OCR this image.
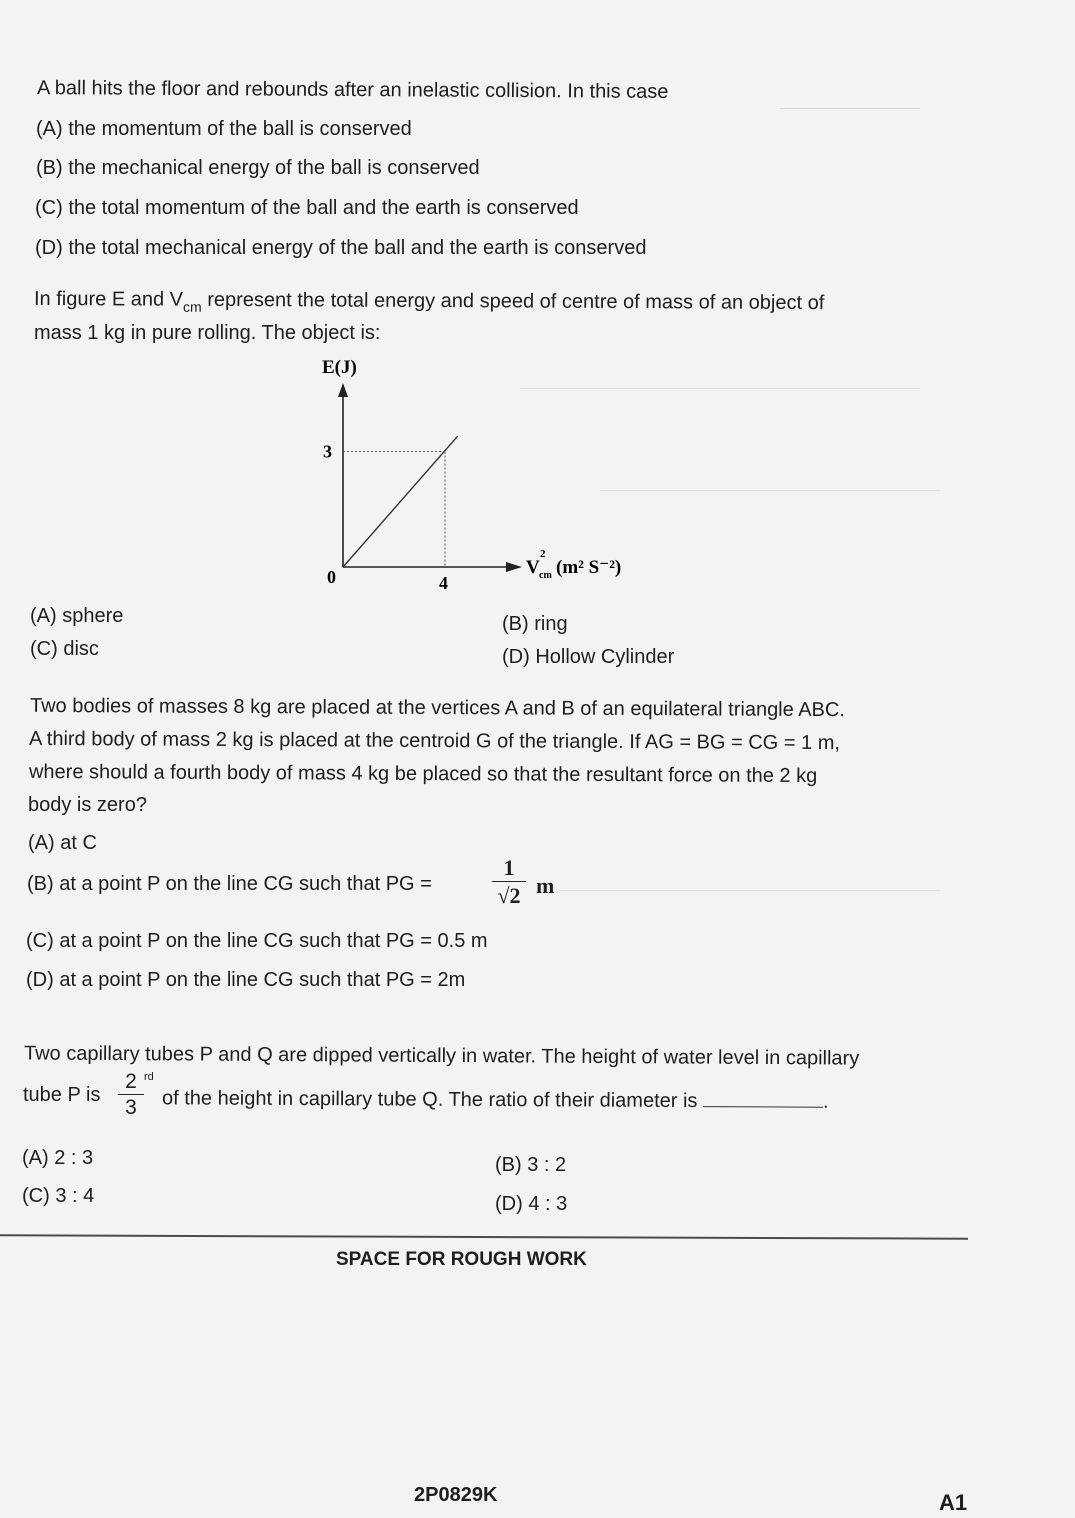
A ball hits the floor and rebounds after an inelastic collision. In this case
(A) the momentum of the ball is conserved
(B) the mechanical energy of the ball is conserved
(C) the total momentum of the ball and the earth is conserved
(D) the total mechanical energy of the ball and the earth is conserved
In figure E and $V_{cm}$ represent the total energy and speed of centre of mass of an object of
mass 1 kg in pure rolling. The object is:
E(J)
3
4
0	V
2
cm (m² S⁻²)
(A) sphere	(B) ring
(C) disc	(D) Hollow Cylinder
Two bodies of masses 8 kg are placed at the vertices A and B of an equilateral triangle ABC.
A third body of mass 2 kg is placed at the centroid G of the triangle. If AG = BG = CG = 1 m,
where should a fourth body of mass 4 kg be placed so that the resultant force on the 2 kg
body is zero?
(A) at C
(B) at a point P on the line CG such that PG =	$\frac{1}{√2}$ m
(C) at a point P on the line CG such that PG = 0.5 m
(D) at a point P on the line CG such that PG = 2m
Two capillary tubes P and Q are dipped vertically in water. The height of water level in capillary
tube P is $\frac{2}{3}$ rd
of the height in capillary tube Q. The ratio of their diameter is	.
(A) 2 : 3	(B) 3 : 2
(C) 3 : 4	(D) 4 : 3
SPACE FOR ROUGH WORK
2P0829K	A1
